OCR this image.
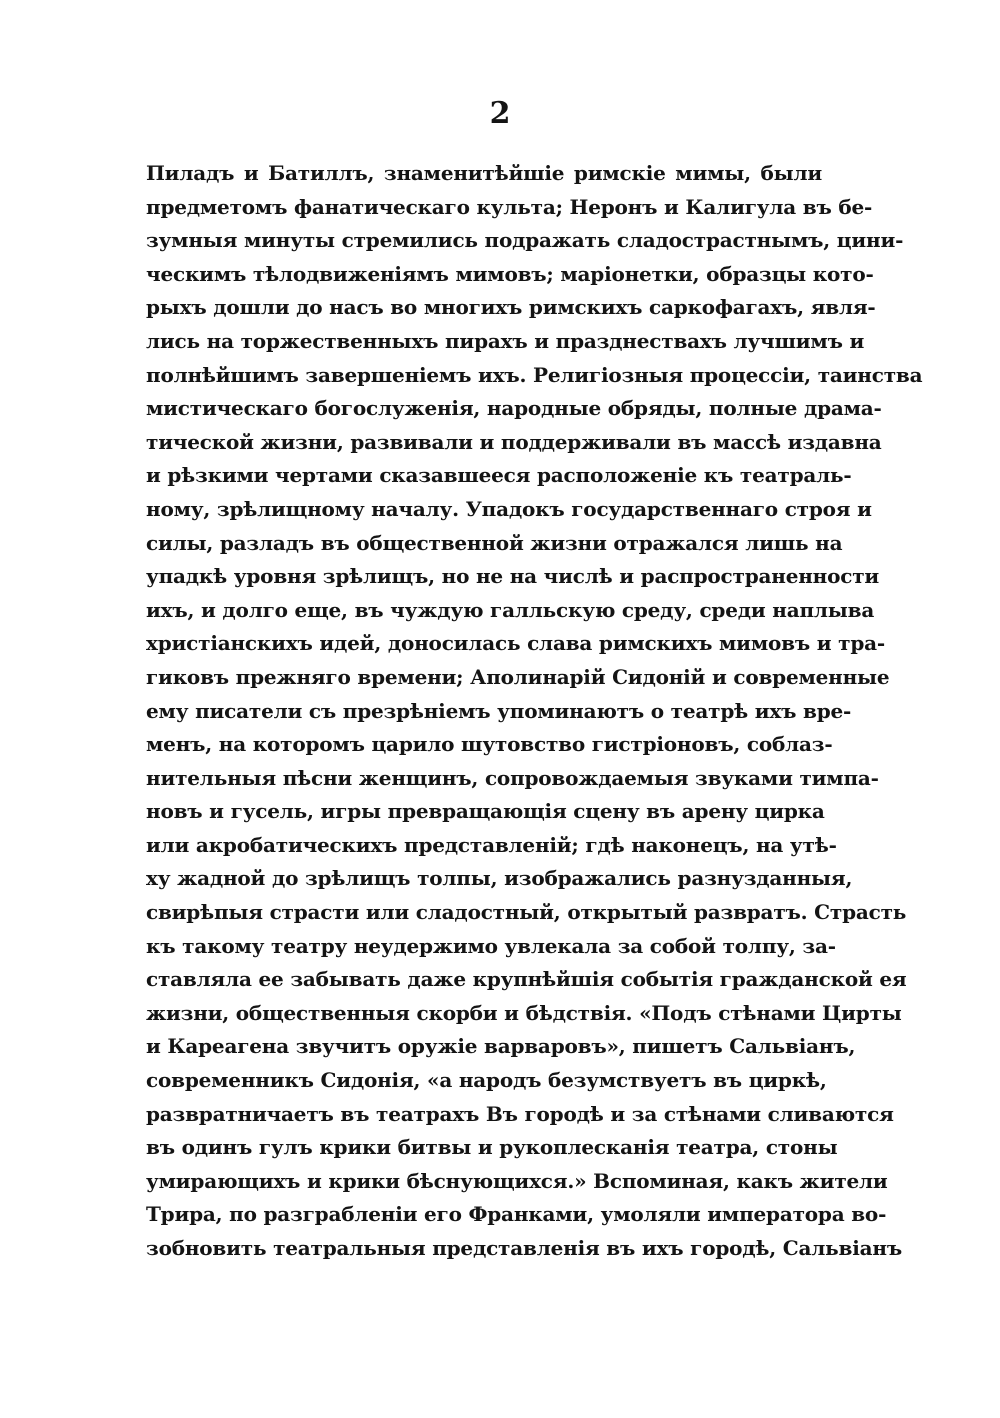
2
Пиладъ и Батиллъ, знаменитѣйшіе римскіе мимы, были
предметомъ фанатическаго культа; Неронъ и Калигула въ бе-
зумныя минуты стремились подражать сладострастнымъ, цини-
ческимъ тѣлодвиженіямъ мимовъ; маріонетки, образцы кото-
рыхъ дошли до насъ во многихъ римскихъ саркофагахъ, явля-
лись на торжественныхъ пирахъ и празднествахъ лучшимъ и
полнѣйшимъ завершеніемъ ихъ. Религіозныя процессіи, таинства
мистическаго богослуженія, народные обряды, полные драма-
тической жизни, развивали и поддерживали въ массѣ издавна
и рѣзкими чертами сказавшееся расположеніе къ театраль-
ному, зрѣлищному началу. Упадокъ государственнаго строя и
силы, разладъ въ общественной жизни отражался лишь на
упадкѣ уровня зрѣлищъ, но не на числѣ и распространенности
ихъ, и долго еще, въ чуждую галльскую среду, среди наплыва
христіанскихъ идей, доносилась слава римскихъ мимовъ и тра-
гиковъ прежняго времени; Аполинарій Сидоній и современные
ему писатели съ презрѣніемъ упоминаютъ о театрѣ ихъ вре-
менъ, на которомъ царило шутовство гистріоновъ, соблаз-
нительныя пѣсни женщинъ, сопровождаемыя звуками тимпа-
новъ и гусель, игры превращающія сцену въ арену цирка
или акробатическихъ представленій; гдѣ наконецъ, на утѣ-
ху жадной до зрѣлищъ толпы, изображались разнузданныя,
свирѣпыя страсти или сладостный, открытый развратъ. Страсть
къ такому театру неудержимо увлекала за собой толпу, за-
ставляла ее забывать даже крупнѣйшія событія гражданской ея
жизни, общественныя скорби и бѣдствія. «Подъ стѣнами Цирты
и Кареагена звучитъ оружіе варваровъ», пишетъ Сальвіанъ,
современникъ Сидонія, «а народъ безумствуетъ въ циркѣ,
развратничаетъ въ театрахъ Въ городѣ и за стѣнами сливаются
въ одинъ гулъ крики битвы и рукоплесканія театра, стоны
умирающихъ и крики бѣснующихся.» Вспоминая, какъ жители
Трира, по разграбленіи его Франками, умоляли императора во-
зобновить театральныя представленія въ ихъ городѣ, Сальвіанъ
